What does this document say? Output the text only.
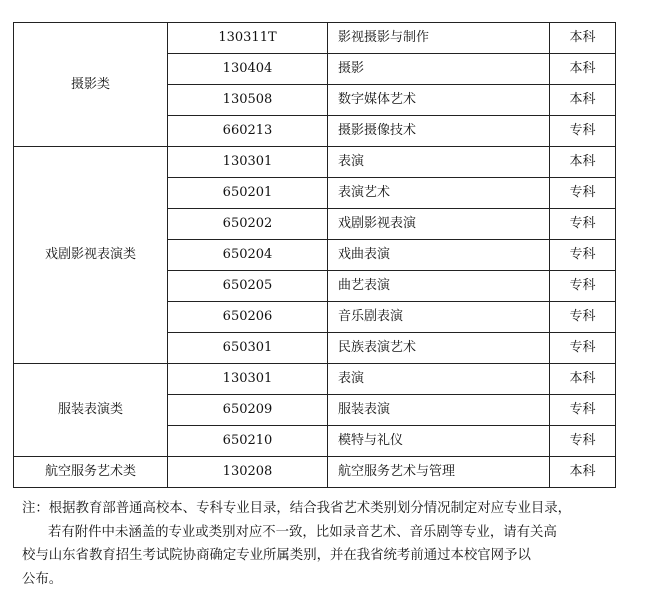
摄影类	130311T	影视摄影与制作	本科
	130404	摄影	本科
	130508	数字媒体艺术	本科
	660213	摄影摄像技术	专科
戏剧影视表演类	130301	表演	本科
	650201	表演艺术	专科
	650202	戏剧影视表演	专科
	650204	戏曲表演	专科
	650205	曲艺表演	专科
	650206	音乐剧表演	专科
	650301	民族表演艺术	专科
服装表演类	130301	表演	本科
	650209	服装表演	专科
	650210	模特与礼仪	专科
航空服务艺术类	130208	航空服务艺术与管理	本科

注：根据教育部普通高校本、专科专业目录，结合我省艺术类别划分情况制定对应专业目录，
若有附件中未涵盖的专业或类别对应不一致，比如录音艺术、音乐剧等专业，请有关高
校与山东省教育招生考试院协商确定专业所属类别，并在我省统考前通过本校官网予以
公布。
